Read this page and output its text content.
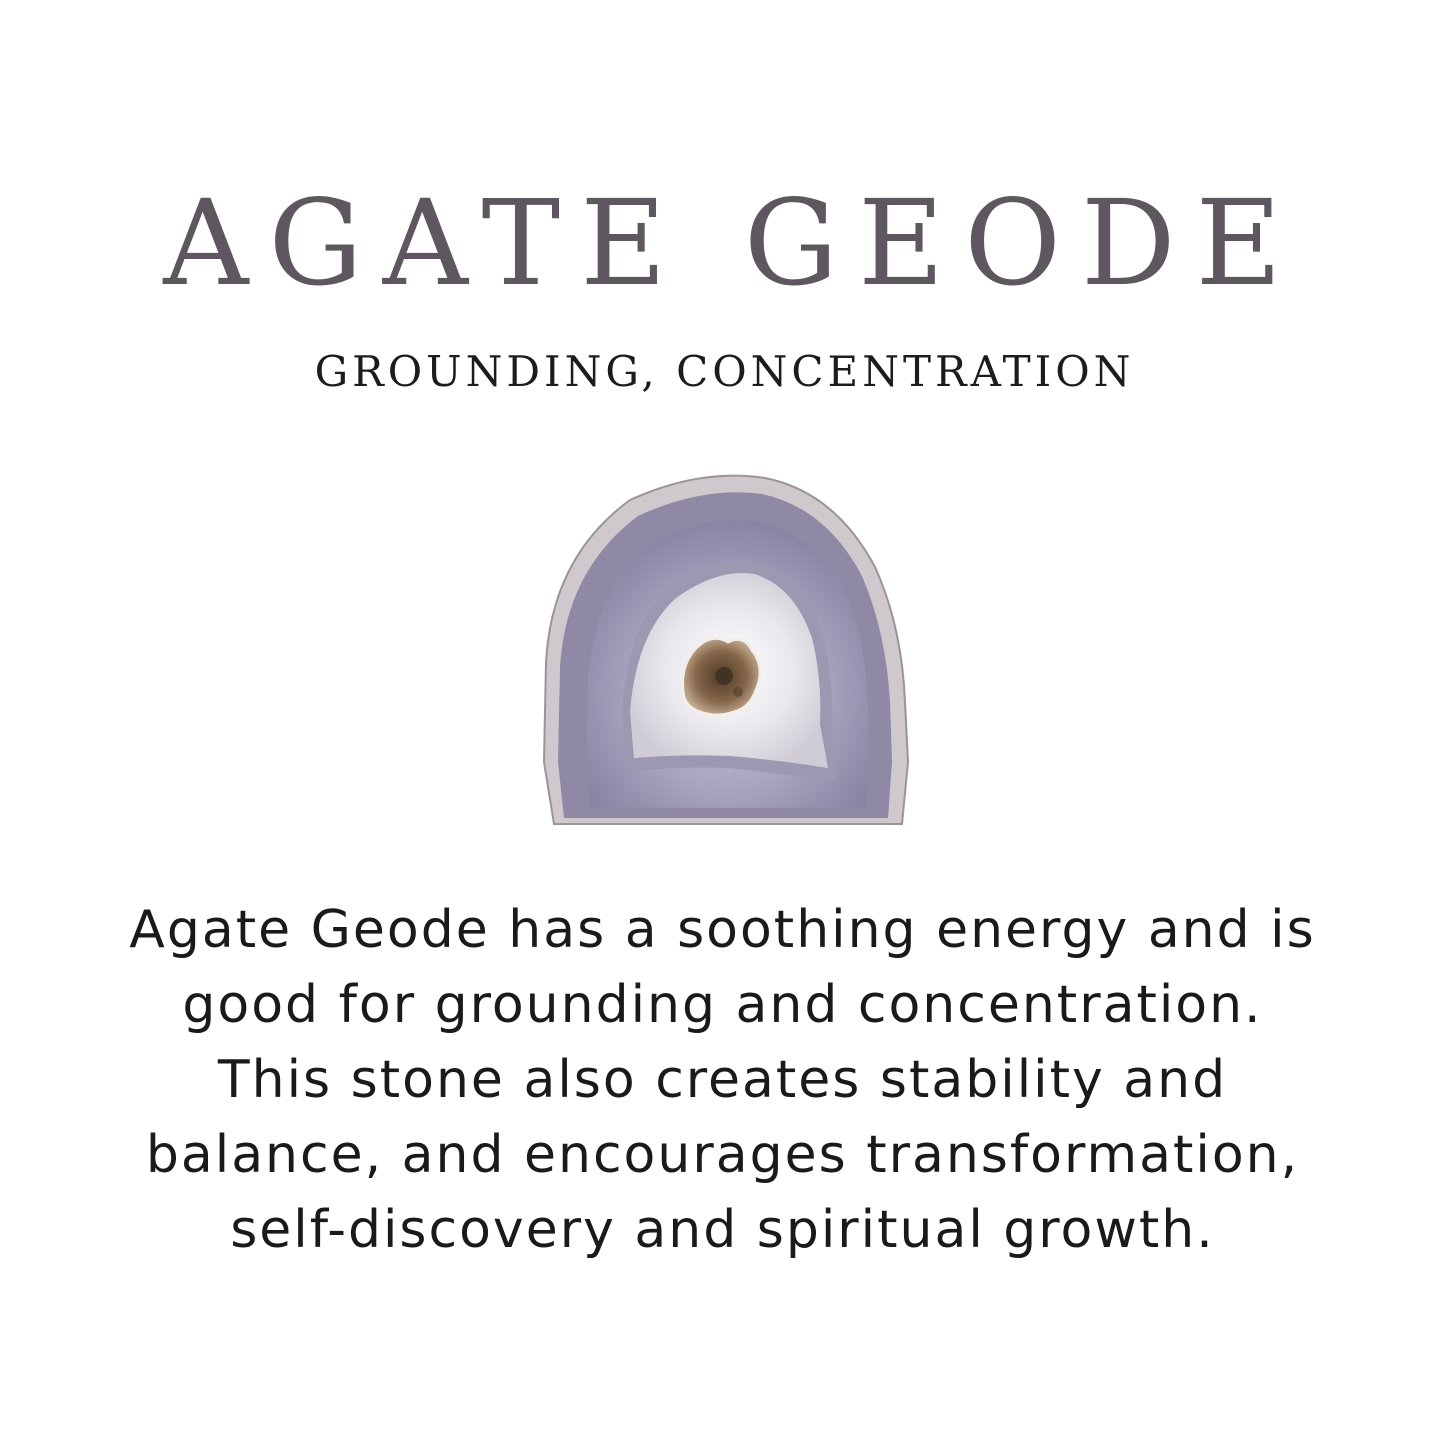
AGATE GEODE
GROUNDING, CONCENTRATION

Agate Geode has a soothing energy and is good for grounding and concentration. This stone also creates stability and balance, and encourages transformation, self-discovery and spiritual growth.
